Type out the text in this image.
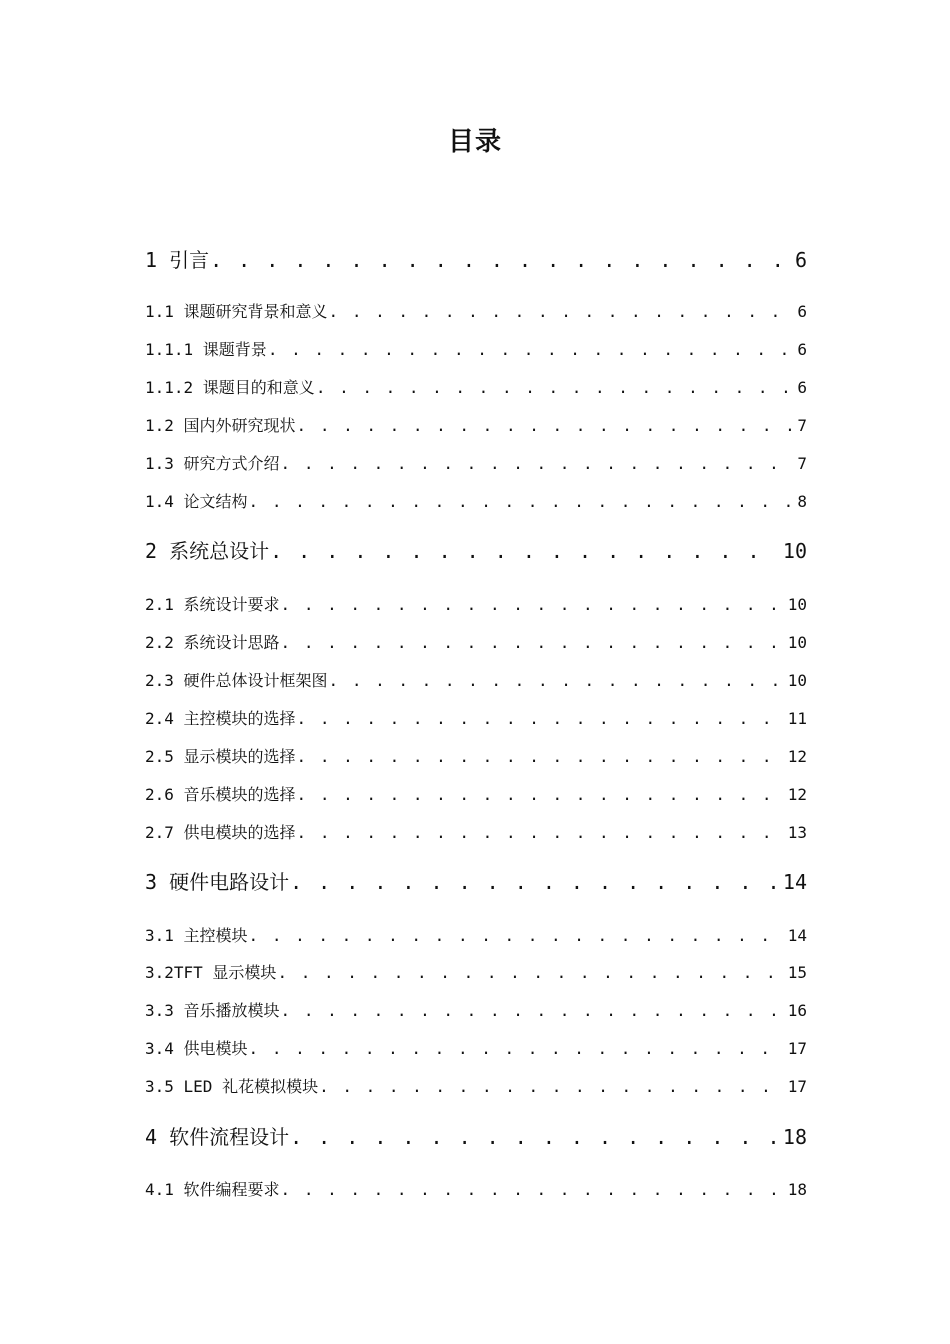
目录
1 引言 . . .	6
1.1 课题研究背景和意义 . . .	6
1.1.1 课题背景 . . .	6
1.1.2 课题目的和意义 . . .	6
1.2 国内外研究现状 . . .	7
1.3 研究方式介绍 . . .	7
1.4 论文结构 . . .	8
2 系统总设计 . . .	10
2.1 系统设计要求 . . .	10
2.2 系统设计思路 . . .	10
2.3 硬件总体设计框架图 . . .	10
2.4 主控模块的选择 . . .	11
2.5 显示模块的选择 . . .	12
2.6 音乐模块的选择 . . .	12
2.7 供电模块的选择 . . .	13
3 硬件电路设计 . . .	14
3.1 主控模块 . . .	14
3.2TFT 显示模块 . . .	15
3.3 音乐播放模块 . . .	16
3.4 供电模块 . . .	17
3.5 LED 礼花模拟模块 . . .	17
4 软件流程设计 . . .	18
4.1 软件编程要求 . . .	18
